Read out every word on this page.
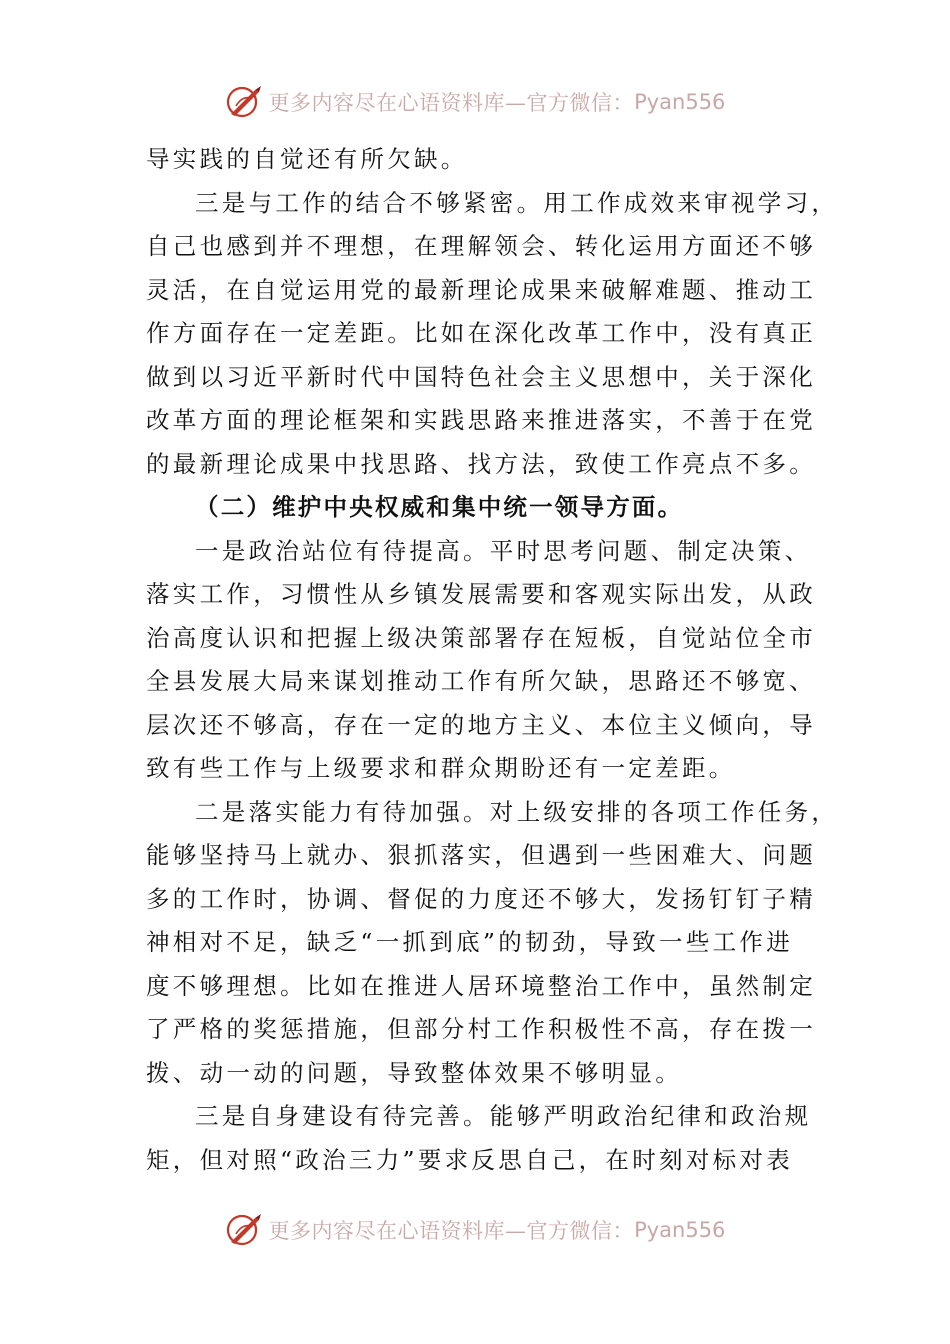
更多内容尽在心语资料库—官方微信： Pyan556
导实践的自觉还有所欠缺。
三是与工作的结合不够紧密。用工作成效来审视学习，
自己也感到并不理想，在理解领会、转化运用方面还不够
灵活，在自觉运用党的最新理论成果来破解难题、推动工
作方面存在一定差距。比如在深化改革工作中，没有真正
做到以习近平新时代中国特色社会主义思想中，关于深化
改革方面的理论框架和实践思路来推进落实，不善于在党
的最新理论成果中找思路、找方法，致使工作亮点不多。
（二）维护中央权威和集中统一领导方面。
一是政治站位有待提高。平时思考问题、制定决策、
落实工作，习惯性从乡镇发展需要和客观实际出发，从政
治高度认识和把握上级决策部署存在短板，自觉站位全市
全县发展大局来谋划推动工作有所欠缺，思路还不够宽、
层次还不够高，存在一定的地方主义、本位主义倾向，导
致有些工作与上级要求和群众期盼还有一定差距。
二是落实能力有待加强。对上级安排的各项工作任务，
能够坚持马上就办、狠抓落实，但遇到一些困难大、问题
多的工作时，协调、督促的力度还不够大，发扬钉钉子精
神相对不足，缺乏“一抓到底”的韧劲，导致一些工作进
度不够理想。比如在推进人居环境整治工作中，虽然制定
了严格的奖惩措施，但部分村工作积极性不高，存在拨一
拨、动一动的问题，导致整体效果不够明显。
三是自身建设有待完善。能够严明政治纪律和政治规
矩，但对照“政治三力”要求反思自己，在时刻对标对表
更多内容尽在心语资料库—官方微信： Pyan556
